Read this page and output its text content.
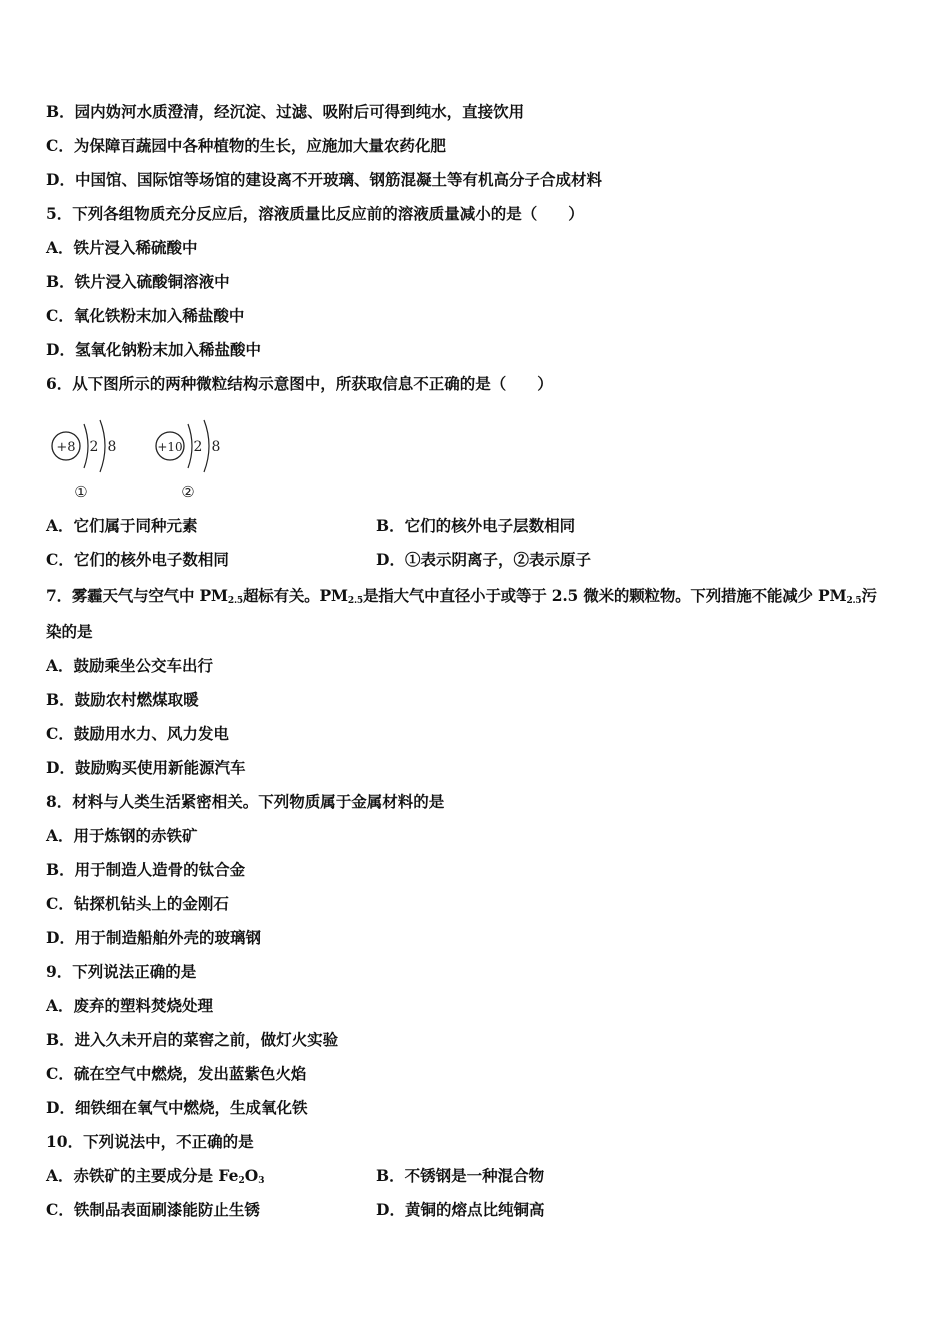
B．园内妫河水质澄清，经沉淀、过滤、吸附后可得到纯水，直接饮用
C．为保障百蔬园中各种植物的生长，应施加大量农药化肥
D．中国馆、国际馆等场馆的建设离不开玻璃、钢筋混凝土等有机高分子合成材料
5．下列各组物质充分反应后，溶液质量比反应前的溶液质量减小的是（　　）
A．铁片浸入稀硫酸中
B．铁片浸入硫酸铜溶液中
C．氧化铁粉末加入稀盐酸中
D．氢氧化钠粉末加入稀盐酸中
6．从下图所示的两种微粒结构示意图中，所获取信息不正确的是（　　）
+8 2 8
①
+10 2 8
②
A．它们属于同种元素	B．它们的核外电子层数相同
C．它们的核外电子数相同	D．①表示阴离子，②表示原子
7．雾霾天气与空气中 $PM_{2.5}$超标有关。$PM_{2.5}$是指大气中直径小于或等于 2.5 微米的颗粒物。下列措施不能减少 $PM_{2.5}$污
染的是
A．鼓励乘坐公交车出行
B．鼓励农村燃煤取暖
C．鼓励用水力、风力发电
D．鼓励购买使用新能源汽车
8．材料与人类生活紧密相关。下列物质属于金属材料的是
A．用于炼钢的赤铁矿
B．用于制造人造骨的钛合金
C．钻探机钻头上的金刚石
D．用于制造船舶外壳的玻璃钢
9．下列说法正确的是
A．废弃的塑料焚烧处理
B．进入久未开启的菜窖之前，做灯火实验
C．硫在空气中燃烧，发出蓝紫色火焰
D．细铁细在氧气中燃烧，生成氧化铁
10．下列说法中，不正确的是
A．赤铁矿的主要成分是 $Fe_2O_3$	B．不锈钢是一种混合物
C．铁制品表面刷漆能防止生锈	D．黄铜的熔点比纯铜高
